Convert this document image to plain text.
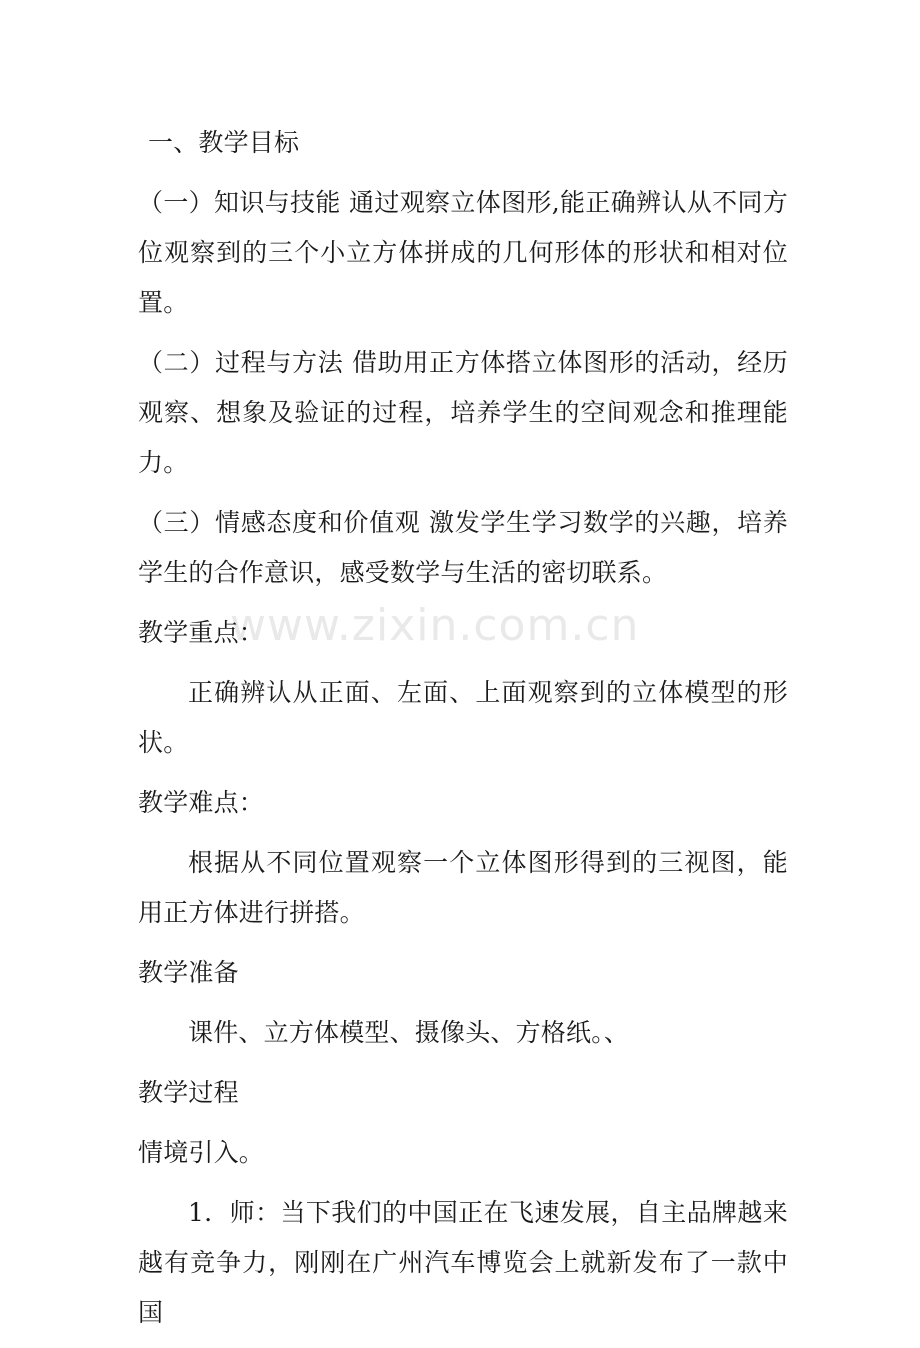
www.zixin.com.cn

一、教学目标

（一）知识与技能 通过观察立体图形,能正确辨认从不同方位观察到的三个小立方体拼成的几何形体的形状和相对位置。

（二）过程与方法 借助用正方体搭立体图形的活动，经历观察、想象及验证的过程，培养学生的空间观念和推理能力。

（三）情感态度和价值观 激发学生学习数学的兴趣，培养学生的合作意识，感受数学与生活的密切联系。

教学重点：

正确辨认从正面、左面、上面观察到的立体模型的形状。

教学难点：

根据从不同位置观察一个立体图形得到的三视图，能用正方体进行拼搭。

教学准备

课件、立方体模型、摄像头、方格纸。、

教学过程

情境引入。

1．师：当下我们的中国正在飞速发展，自主品牌越来越有竞争力，刚刚在广州汽车博览会上就新发布了一款中国
